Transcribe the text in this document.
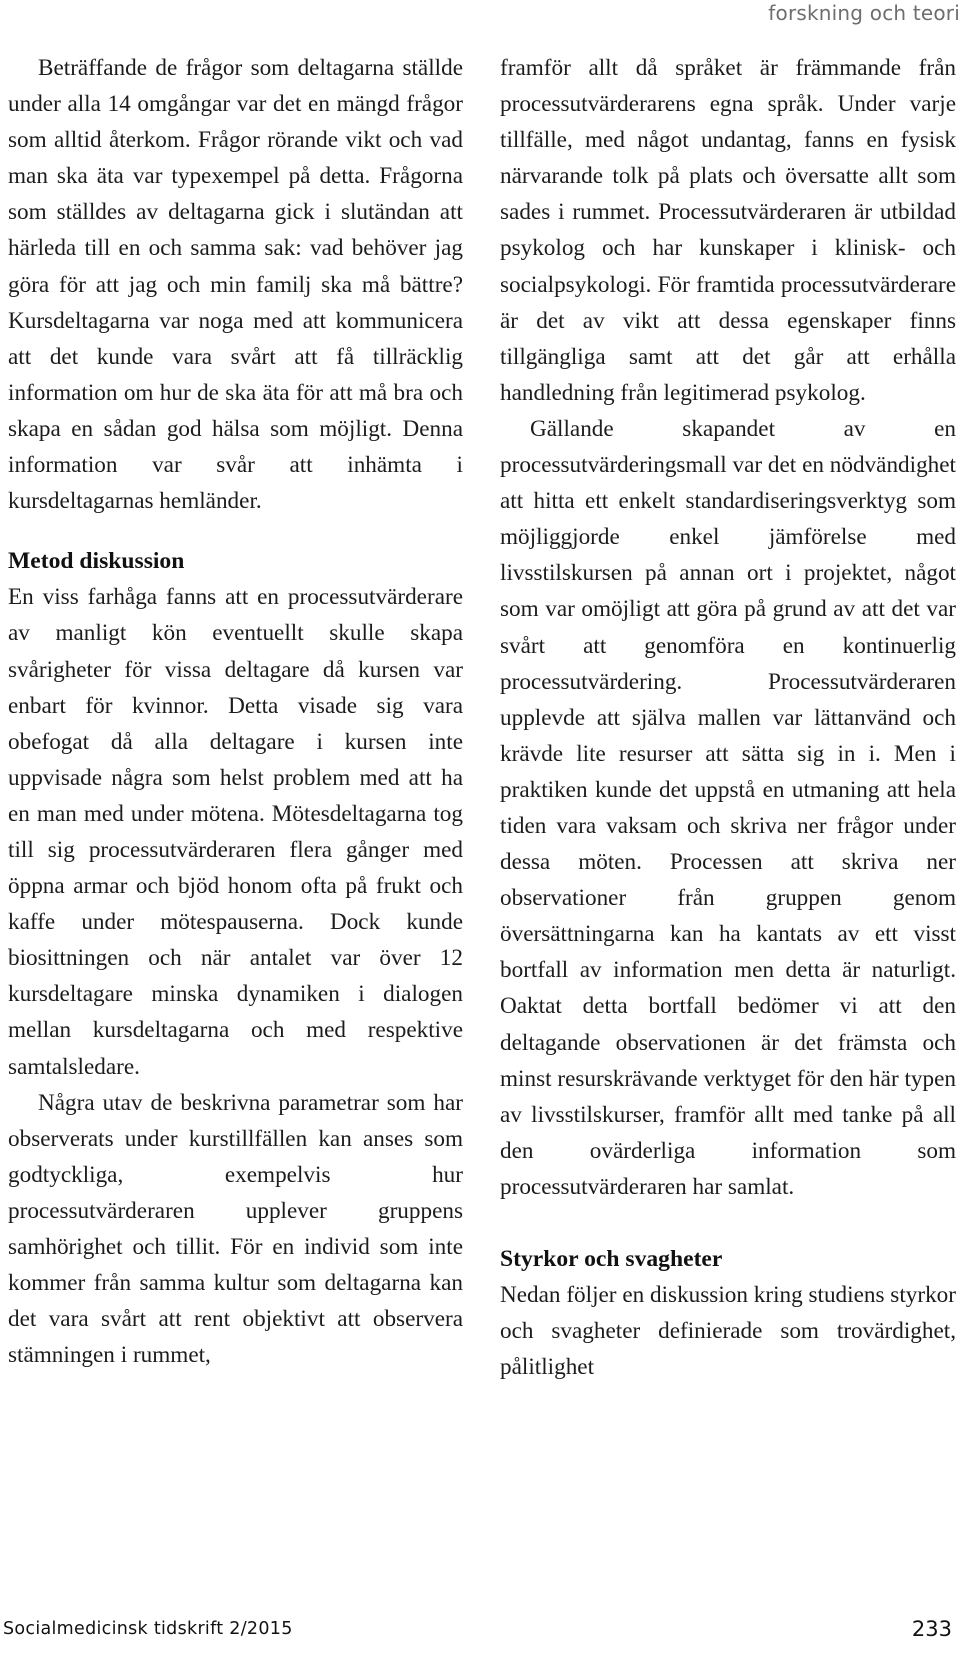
forskning och teori

Beträffande de frågor som deltagarna ställde under alla 14 omgångar var det en mängd frågor som alltid återkom. Frågor rörande vikt och vad man ska äta var typexempel på detta. Frågorna som ställdes av deltagarna gick i slutändan att härleda till en och samma sak: vad behöver jag göra för att jag och min familj ska må bättre? Kursdeltagarna var noga med att kommunicera att det kunde vara svårt att få tillräcklig information om hur de ska äta för att må bra och skapa en sådan god hälsa som möjligt. Denna information var svår att inhämta i kursdeltagarnas hemländer.

Metod diskussion

En viss farhåga fanns att en processutvärderare av manligt kön eventuellt skulle skapa svårigheter för vissa deltagare då kursen var enbart för kvinnor. Detta visade sig vara obefogat då alla deltagare i kursen inte uppvisade några som helst problem med att ha en man med under mötena. Mötesdeltagarna tog till sig processutvärderaren flera gånger med öppna armar och bjöd honom ofta på frukt och kaffe under mötespauserna. Dock kunde biosittningen och när antalet var över 12 kursdeltagare minska dynamiken i dialogen mellan kursdeltagarna och med respektive samtalsledare.

Några utav de beskrivna parametrar som har observerats under kurstillfällen kan anses som godtyckliga, exempelvis hur processutvärderaren upplever gruppens samhörighet och tillit. För en individ som inte kommer från samma kultur som deltagarna kan det vara svårt att rent objektivt att observera stämningen i rummet,

framför allt då språket är främmande från processutvärderarens egna språk. Under varje tillfälle, med något undantag, fanns en fysisk närvarande tolk på plats och översatte allt som sades i rummet. Processutvärderaren är utbildad psykolog och har kunskaper i klinisk- och socialpsykologi. För framtida processutvärderare är det av vikt att dessa egenskaper finns tillgängliga samt att det går att erhålla handledning från legitimerad psykolog.

Gällande skapandet av en processutvärderingsmall var det en nödvändighet att hitta ett enkelt standardiseringsverktyg som möjliggjorde enkel jämförelse med livsstilskursen på annan ort i projektet, något som var omöjligt att göra på grund av att det var svårt att genomföra en kontinuerlig processutvärdering. Processutvärderaren upplevde att själva mallen var lättanvänd och krävde lite resurser att sätta sig in i. Men i praktiken kunde det uppstå en utmaning att hela tiden vara vaksam och skriva ner frågor under dessa möten. Processen att skriva ner observationer från gruppen genom översättningarna kan ha kantats av ett visst bortfall av information men detta är naturligt. Oaktat detta bortfall bedömer vi att den deltagande observationen är det främsta och minst resurskrävande verktyget för den här typen av livsstilskurser, framför allt med tanke på all den ovärderliga information som processutvärderaren har samlat.

Styrkor och svagheter

Nedan följer en diskussion kring studiens styrkor och svagheter definierade som trovärdighet, pålitlighet

Socialmedicinsk tidskrift 2/2015	233
